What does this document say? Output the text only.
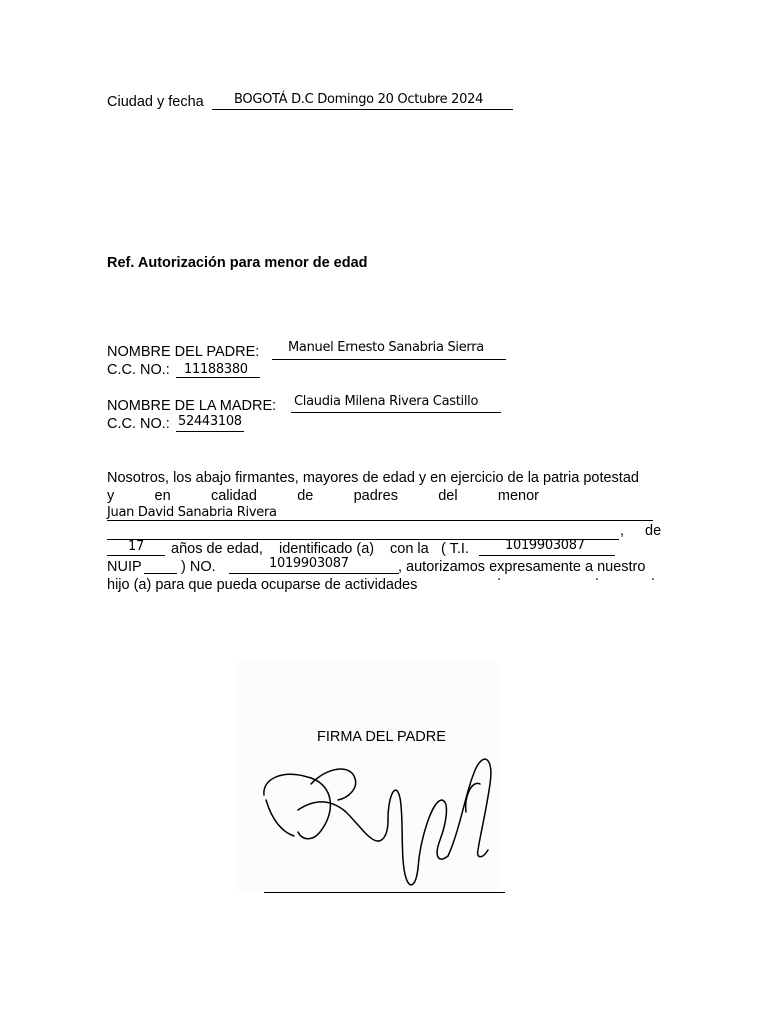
Ciudad y fecha BOGOTÁ D.C Domingo 20 Octubre 2024
Ref. Autorización para menor de edad
NOMBRE DEL PADRE: Manuel Ernesto Sanabria Sierra
C.C. NO.: 11188380
NOMBRE DE LA MADRE: Claudia Milena Rivera Castillo
C.C. NO.: 52443108
Nosotros, los abajo firmantes, mayores de edad y en ejercicio de la patria potestad
y	en	calidad	de	padres	del	menor
Juan David Sanabria Rivera
, de
17 años de edad, identificado (a) con la ( T.I.	1019903087
NUIP	) NO.	1019903087	, autorizamos expresamente a nuestro
hijo (a) para que pueda ocuparse de actividades
FIRMA DEL PADRE
